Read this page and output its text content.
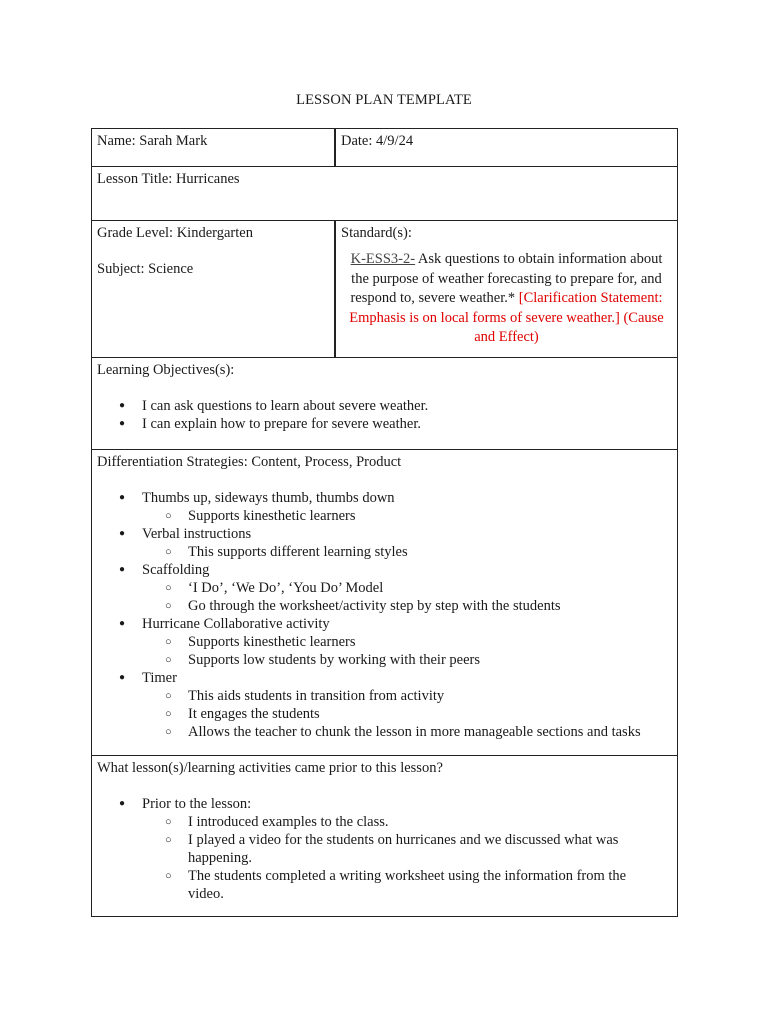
LESSON PLAN TEMPLATE
Name: Sarah Mark	Date: 4/9/24
Lesson Title: Hurricanes
Grade Level: Kindergarten
Subject: Science
Standard(s):
K-ESS3-2- Ask questions to obtain information about the purpose of weather forecasting to prepare for, and respond to, severe weather.* [Clarification Statement: Emphasis is on local forms of severe weather.] (Cause and Effect)
Learning Objectives(s):
● I can ask questions to learn about severe weather.
● I can explain how to prepare for severe weather.
Differentiation Strategies: Content, Process, Product
● Thumbs up, sideways thumb, thumbs down
○ Supports kinesthetic learners
● Verbal instructions
○ This supports different learning styles
● Scaffolding
○ ‘I Do’, ‘We Do’, ‘You Do’ Model
○ Go through the worksheet/activity step by step with the students
● Hurricane Collaborative activity
○ Supports kinesthetic learners
○ Supports low students by working with their peers
● Timer
○ This aids students in transition from activity
○ It engages the students
○ Allows the teacher to chunk the lesson in more manageable sections and tasks
What lesson(s)/learning activities came prior to this lesson?
● Prior to the lesson:
○ I introduced examples to the class.
○ I played a video for the students on hurricanes and we discussed what was happening.
○ The students completed a writing worksheet using the information from the video.
